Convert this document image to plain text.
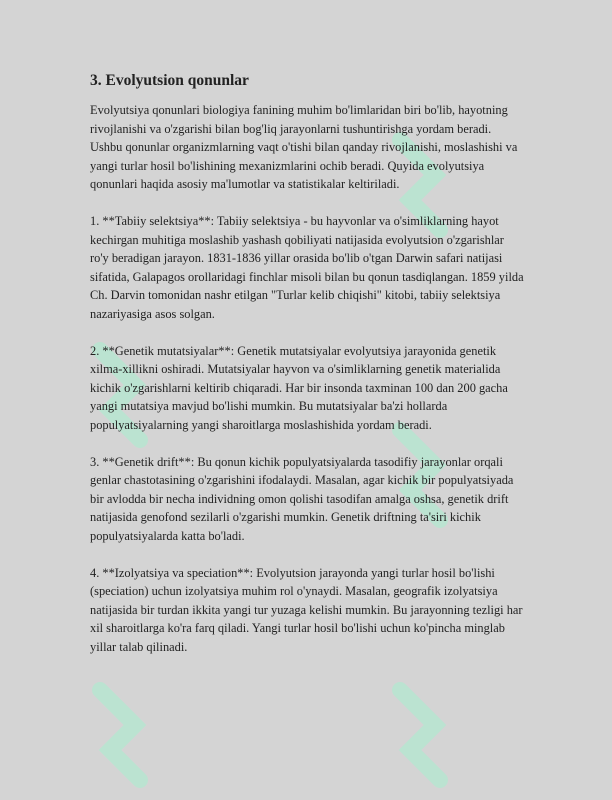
3. Evolyutsion qonunlar

Evolyutsiya qonunlari biologiya fanining muhim bo'limlaridan biri bo'lib, hayotning rivojlanishi va o'zgarishi bilan bog'liq jarayonlarni tushuntirishga yordam beradi. Ushbu qonunlar organizmlarning vaqt o'tishi bilan qanday rivojlanishi, moslashishi va yangi turlar hosil bo'lishining mexanizmlarini ochib beradi. Quyida evolyutsiya qonunlari haqida asosiy ma'lumotlar va statistikalar keltiriladi.

1. **Tabiiy selektsiya**: Tabiiy selektsiya - bu hayvonlar va o'simliklarning hayot kechirgan muhitiga moslashib yashash qobiliyati natijasida evolyutsion o'zgarishlar ro'y beradigan jarayon. 1831-1836 yillar orasida bo'lib o'tgan Darwin safari natijasi sifatida, Galapagos orollaridagi finchlar misoli bilan bu qonun tasdiqlangan. 1859 yilda Ch. Darvin tomonidan nashr etilgan "Turlar kelib chiqishi" kitobi, tabiiy selektsiya nazariyasiga asos solgan.

2. **Genetik mutatsiyalar**: Genetik mutatsiyalar evolyutsiya jarayonida genetik xilma-xillikni oshiradi. Mutatsiyalar hayvon va o'simliklarning genetik materialida kichik o'zgarishlarni keltirib chiqaradi. Har bir insonda taxminan 100 dan 200 gacha yangi mutatsiya mavjud bo'lishi mumkin. Bu mutatsiyalar ba'zi hollarda populyatsiyalarning yangi sharoitlarga moslashishida yordam beradi.

3. **Genetik drift**: Bu qonun kichik populyatsiyalarda tasodifiy jarayonlar orqali genlar chastotasining o'zgarishini ifodalaydi. Masalan, agar kichik bir populyatsiyada bir avlodda bir necha individning omon qolishi tasodifan amalga oshsa, genetik drift natijasida genofond sezilarli o'zgarishi mumkin. Genetik driftning ta'siri kichik populyatsiyalarda katta bo'ladi.

4. **Izolyatsiya va speciation**: Evolyutsion jarayonda yangi turlar hosil bo'lishi (speciation) uchun izolyatsiya muhim rol o'ynaydi. Masalan, geografik izolyatsiya natijasida bir turdan ikkita yangi tur yuzaga kelishi mumkin. Bu jarayonning tezligi har xil sharoitlarga ko'ra farq qiladi. Yangi turlar hosil bo'lishi uchun ko'pincha minglab yillar talab qilinadi.
